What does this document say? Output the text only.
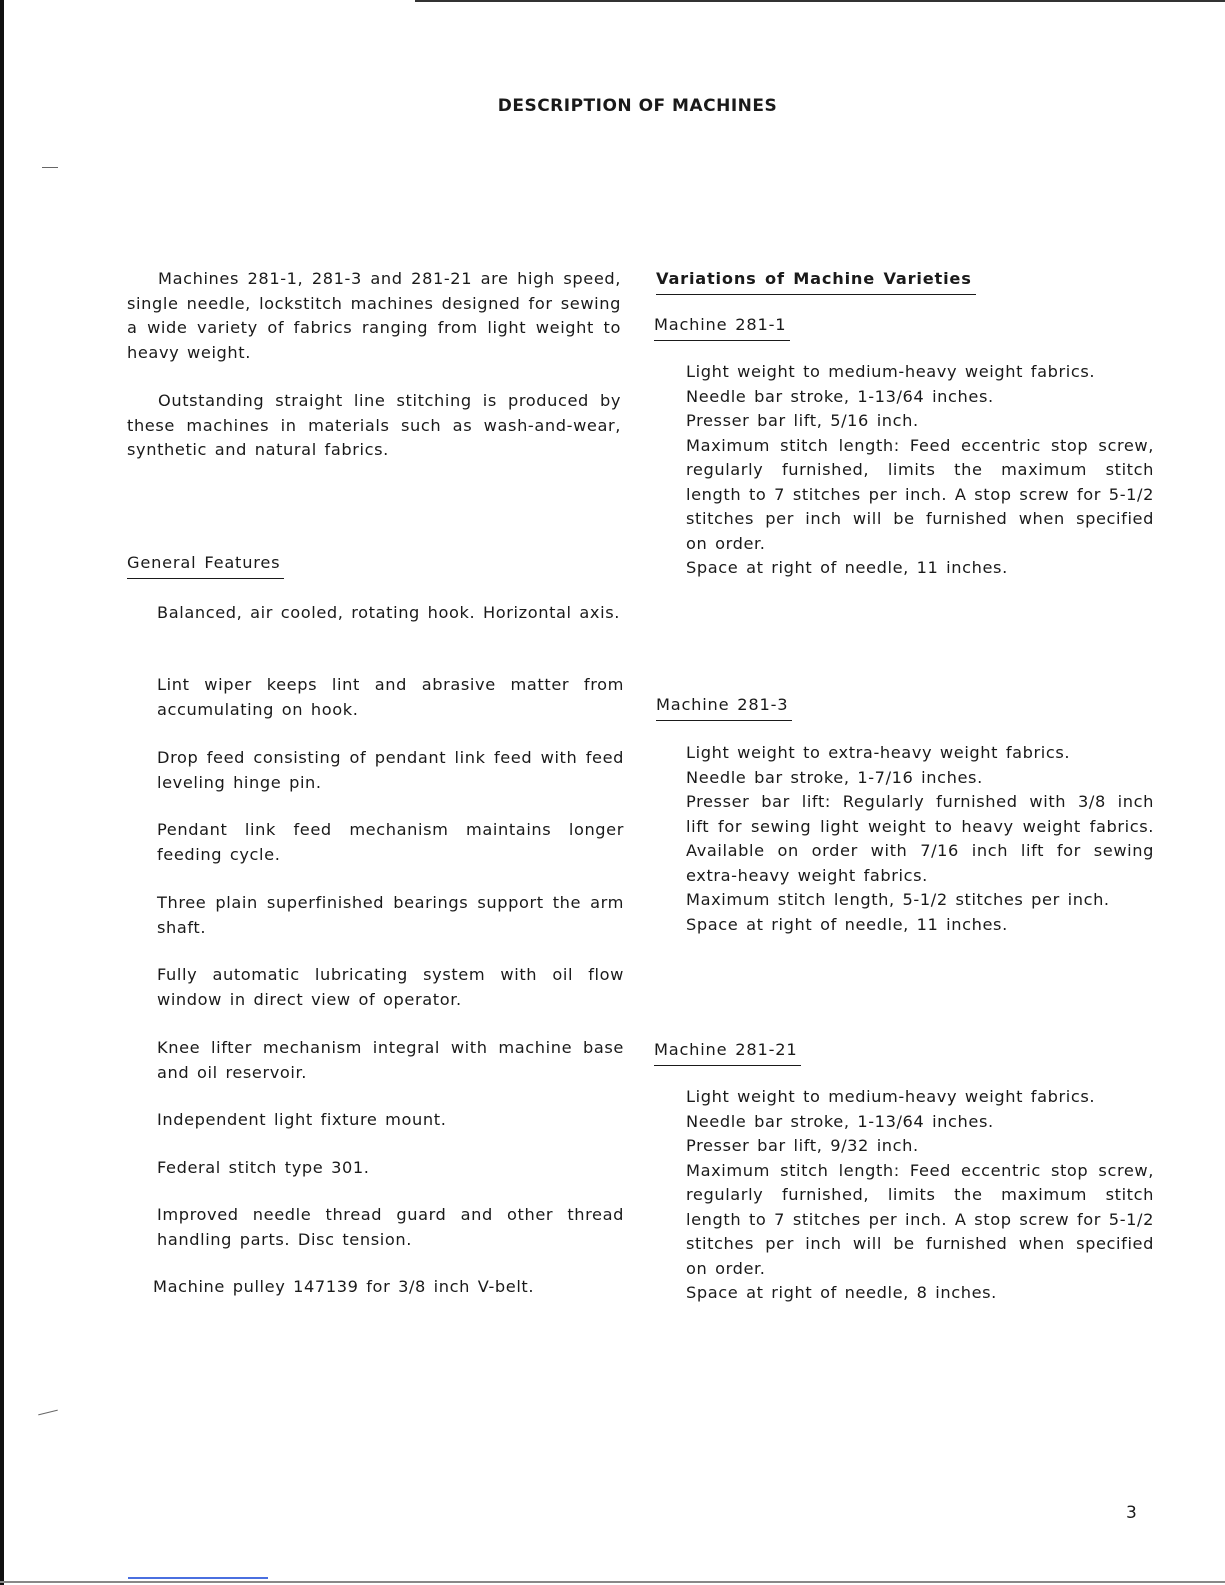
DESCRIPTION OF MACHINES

Machines 281-1, 281-3 and 281-21 are high speed, single needle, lockstitch machines designed for sewing a wide variety of fabrics ranging from light weight to heavy weight.

Outstanding straight line stitching is produced by these machines in materials such as wash-and-wear, synthetic and natural fabrics.

General Features

Balanced, air cooled, rotating hook. Horizontal axis.

Lint wiper keeps lint and abrasive matter from accumulating on hook.

Drop feed consisting of pendant link feed with feed leveling hinge pin.

Pendant link feed mechanism maintains longer feeding cycle.

Three plain superfinished bearings support the arm shaft.

Fully automatic lubricating system with oil flow window in direct view of operator.

Knee lifter mechanism integral with machine base and oil reservoir.

Independent light fixture mount.

Federal stitch type 301.

Improved needle thread guard and other thread handling parts. Disc tension.

Machine pulley 147139 for 3/8 inch V-belt.

Variations of Machine Varieties
Machine 281-1

Light weight to medium-heavy weight fabrics.

Needle bar stroke, 1-13/64 inches.

Presser bar lift, 5/16 inch.

Maximum stitch length: Feed eccentric stop screw, regularly furnished, limits the maximum stitch length to 7 stitches per inch. A stop screw for 5-1/2 stitches per inch will be furnished when specified on order.

Space at right of needle, 11 inches.

Machine 281-3

Light weight to extra-heavy weight fabrics.

Needle bar stroke, 1-7/16 inches.

Presser bar lift: Regularly furnished with 3/8 inch lift for sewing light weight to heavy weight fabrics. Available on order with 7/16 inch lift for sewing extra-heavy weight fabrics.

Maximum stitch length, 5-1/2 stitches per inch.

Space at right of needle, 11 inches.

Machine 281-21

Light weight to medium-heavy weight fabrics.

Needle bar stroke, 1-13/64 inches.

Presser bar lift, 9/32 inch.

Maximum stitch length: Feed eccentric stop screw, regularly furnished, limits the maximum stitch length to 7 stitches per inch. A stop screw for 5-1/2 stitches per inch will be furnished when specified on order.

Space at right of needle, 8 inches.

3
